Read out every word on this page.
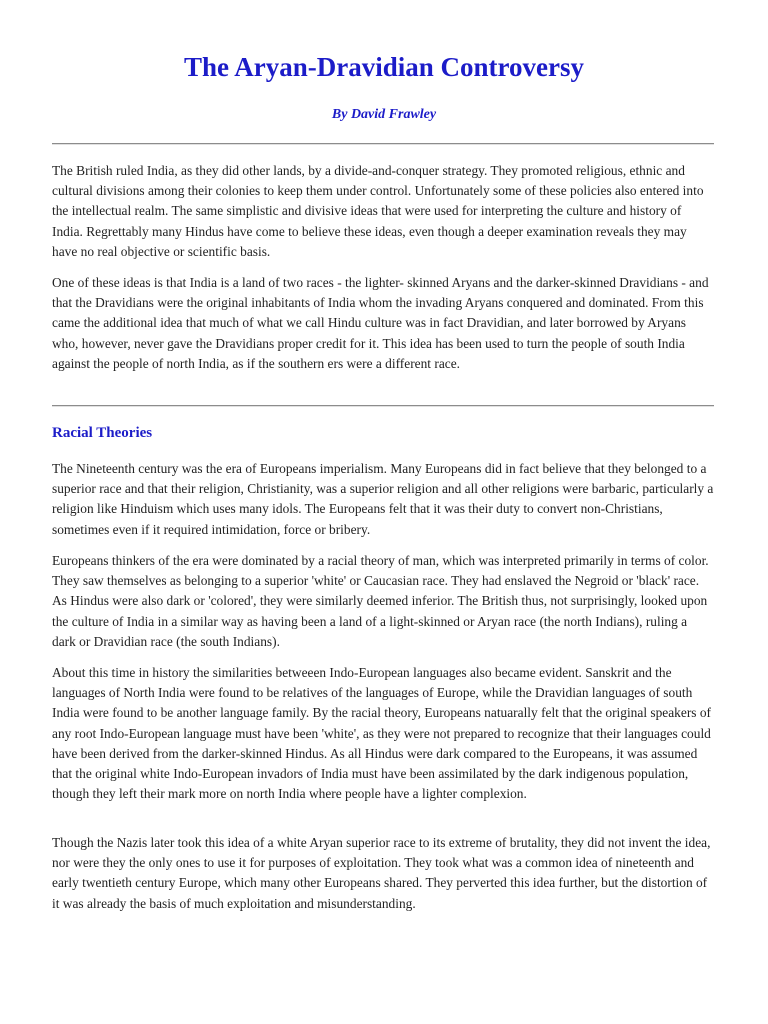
The Aryan-Dravidian Controversy
By David Frawley

The British ruled India, as they did other lands, by a divide-and-conquer strategy. They promoted religious, ethnic and cultural divisions among their colonies to keep them under control. Unfortunately some of these policies also entered into the intellectual realm. The same simplistic and divisive ideas that were used for interpreting the culture and history of India. Regrettably many Hindus have come to believe these ideas, even though a deeper examination reveals they may have no real objective or scientific basis.

One of these ideas is that India is a land of two races - the lighter- skinned Aryans and the darker-skinned Dravidians - and that the Dravidians were the original inhabitants of India whom the invading Aryans conquered and dominated. From this came the additional idea that much of what we call Hindu culture was in fact Dravidian, and later borrowed by Aryans who, however, never gave the Dravidians proper credit for it. This idea has been used to turn the people of south India against the people of north India, as if the southern ers were a different race.

Racial Theories

The Nineteenth century was the era of Europeans imperialism. Many Europeans did in fact believe that they belonged to a superior race and that their religion, Christianity, was a superior religion and all other religions were barbaric, particularly a religion like Hinduism which uses many idols. The Europeans felt that it was their duty to convert non-Christians, sometimes even if it required intimidation, force or bribery.

Europeans thinkers of the era were dominated by a racial theory of man, which was interpreted primarily in terms of color. They saw themselves as belonging to a superior 'white' or Caucasian race. They had enslaved the Negroid or 'black' race. As Hindus were also dark or 'colored', they were similarly deemed inferior. The British thus, not surprisingly, looked upon the culture of India in a similar way as having been a land of a light-skinned or Aryan race (the north Indians), ruling a dark or Dravidian race (the south Indians).

About this time in history the similarities betweeen Indo-European languages also became evident. Sanskrit and the languages of North India were found to be relatives of the languages of Europe, while the Dravidian languages of south India were found to be another language family. By the racial theory, Europeans natuarally felt that the original speakers of any root Indo-European language must have been 'white', as they were not prepared to recognize that their languages could have been derived from the darker-skinned Hindus. As all Hindus were dark compared to the Europeans, it was assumed that the original white Indo-European invadors of India must have been assimilated by the dark indigenous population, though they left their mark more on north India where people have a lighter complexion.

Though the Nazis later took this idea of a white Aryan superior race to its extreme of brutality, they did not invent the idea, nor were they the only ones to use it for purposes of exploitation. They took what was a common idea of nineteenth and early twentieth century Europe, which many other Europeans shared. They perverted this idea further, but the distortion of it was already the basis of much exploitation and misunderstanding.
